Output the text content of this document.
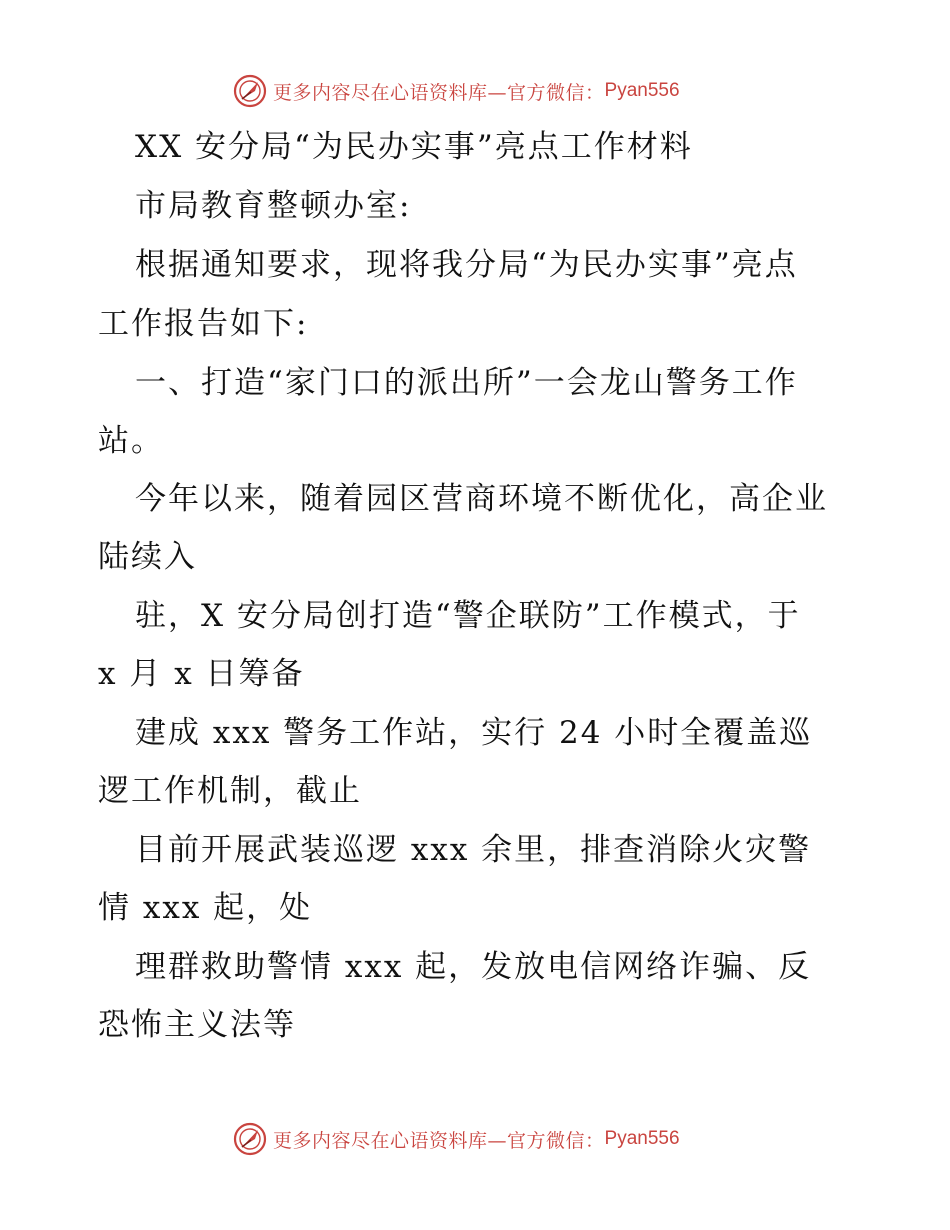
更多内容尽在心语资料库—官方微信： Pyan556
XX 安分局“为民办实事”亮点工作材料
市局教育整顿办室:
根据通知要求，现将我分局“为民办实事”亮点
工作报告如下:
一、打造“家门口的派出所”一会龙山警务工作
站。
今年以来，随着园区营商环境不断优化，高企业
陆续入
驻，X 安分局创打造“警企联防”工作模式，于
x 月 x 日筹备
建成 xxx 警务工作站，实行 24 小时全覆盖巡
逻工作机制，截止
目前开展武装巡逻 xxx 余里，排查消除火灾警
情 xxx 起，处
理群救助警情 xxx 起，发放电信网络诈骗、反
恐怖主义法等
更多内容尽在心语资料库—官方微信： Pyan556
